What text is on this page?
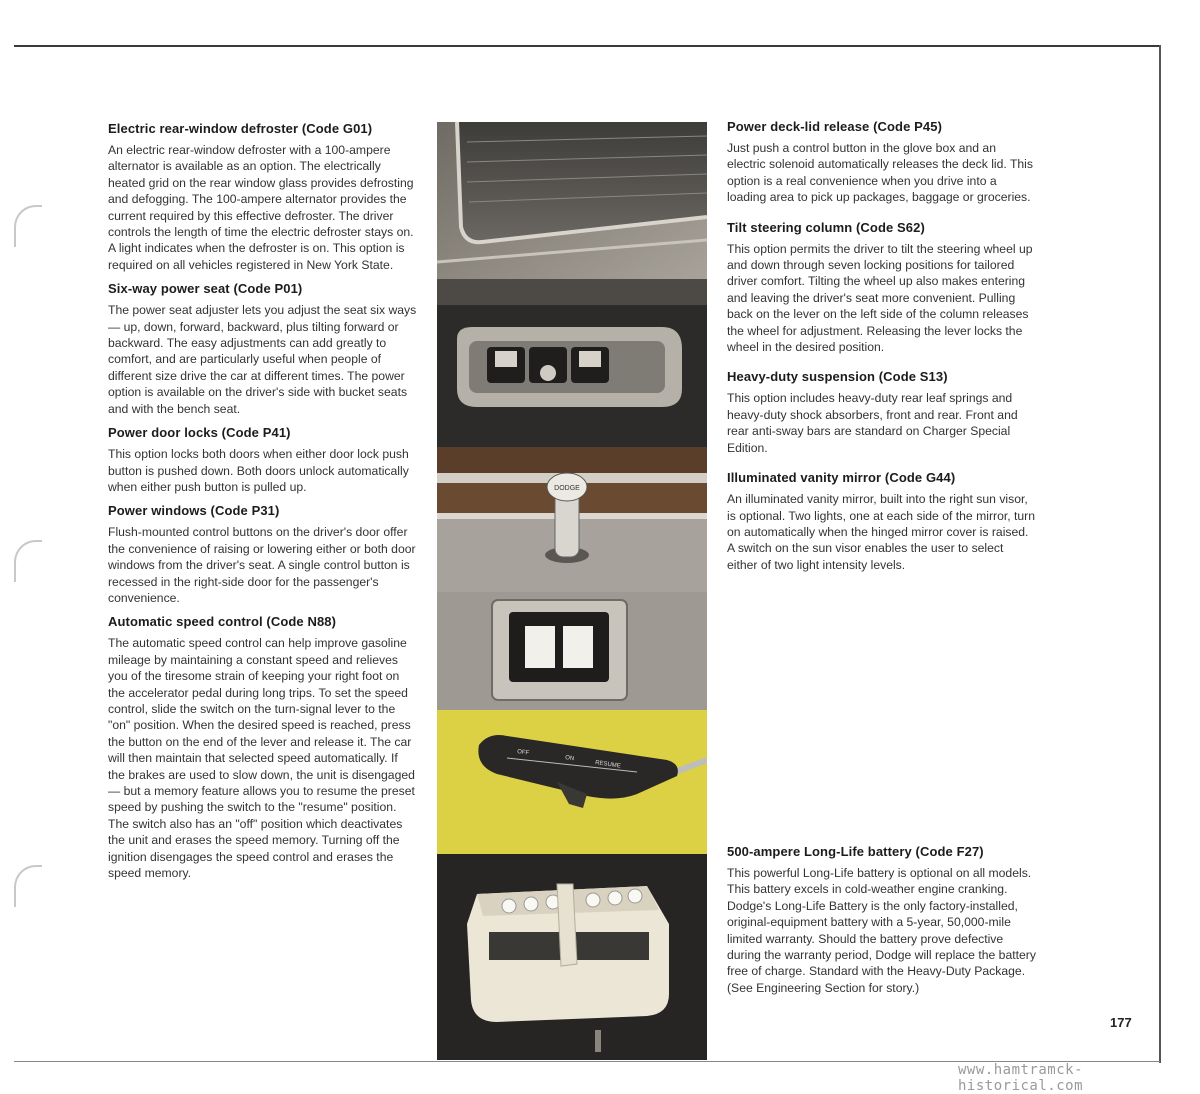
Electric rear-window defroster (Code G01)

An electric rear-window defroster with a 100-ampere alternator is available as an option. The electrically heated grid on the rear window glass provides defrosting and defogging. The 100-ampere alternator provides the current required by this effective defroster. The driver controls the length of time the electric defroster stays on. A light indicates when the defroster is on. This option is required on all vehicles registered in New York State.

Six-way power seat (Code P01)

The power seat adjuster lets you adjust the seat six ways — up, down, forward, backward, plus tilting forward or backward. The easy adjustments can add greatly to comfort, and are particularly useful when people of different size drive the car at different times. The power option is available on the driver's side with bucket seats and with the bench seat.

Power door locks (Code P41)

This option locks both doors when either door lock push button is pushed down. Both doors unlock automatically when either push button is pulled up.

Power windows (Code P31)

Flush-mounted control buttons on the driver's door offer the convenience of raising or lowering either or both door windows from the driver's seat. A single control button is recessed in the right-side door for the passenger's convenience.

Automatic speed control (Code N88)

The automatic speed control can help improve gasoline mileage by maintaining a constant speed and relieves you of the tiresome strain of keeping your right foot on the accelerator pedal during long trips. To set the speed control, slide the switch on the turn-signal lever to the "on" position. When the desired speed is reached, press the button on the end of the lever and release it. The car will then maintain that selected speed automatically. If the brakes are used to slow down, the unit is disengaged — but a memory feature allows you to resume the preset speed by pushing the switch to the "resume" position. The switch also has an "off" position which deactivates the unit and erases the speed memory. Turning off the ignition disengages the speed control and erases the speed memory.

DODGE
OFF
ON
RESUME
Power deck-lid release (Code P45)

Just push a control button in the glove box and an electric solenoid automatically releases the deck lid. This option is a real convenience when you drive into a loading area to pick up packages, baggage or groceries.

Tilt steering column (Code S62)

This option permits the driver to tilt the steering wheel up and down through seven locking positions for tailored driver comfort. Tilting the wheel up also makes entering and leaving the driver's seat more convenient. Pulling back on the lever on the left side of the column releases the wheel for adjustment. Releasing the lever locks the wheel in the desired position.

Heavy-duty suspension (Code S13)

This option includes heavy-duty rear leaf springs and heavy-duty shock absorbers, front and rear. Front and rear anti-sway bars are standard on Charger Special Edition.

Illuminated vanity mirror (Code G44)

An illuminated vanity mirror, built into the right sun visor, is optional. Two lights, one at each side of the mirror, turn on automatically when the hinged mirror cover is raised. A switch on the sun visor enables the user to select either of two light intensity levels.

500-ampere Long-Life battery (Code F27)

This powerful Long-Life battery is optional on all models. This battery excels in cold-weather engine cranking. Dodge's Long-Life Battery is the only factory-installed, original-equipment battery with a 5-year, 50,000-mile limited warranty. Should the battery prove defective during the warranty period, Dodge will replace the battery free of charge. Standard with the Heavy-Duty Package. (See Engineering Section for story.)

177
www.hamtramck-historical.com
